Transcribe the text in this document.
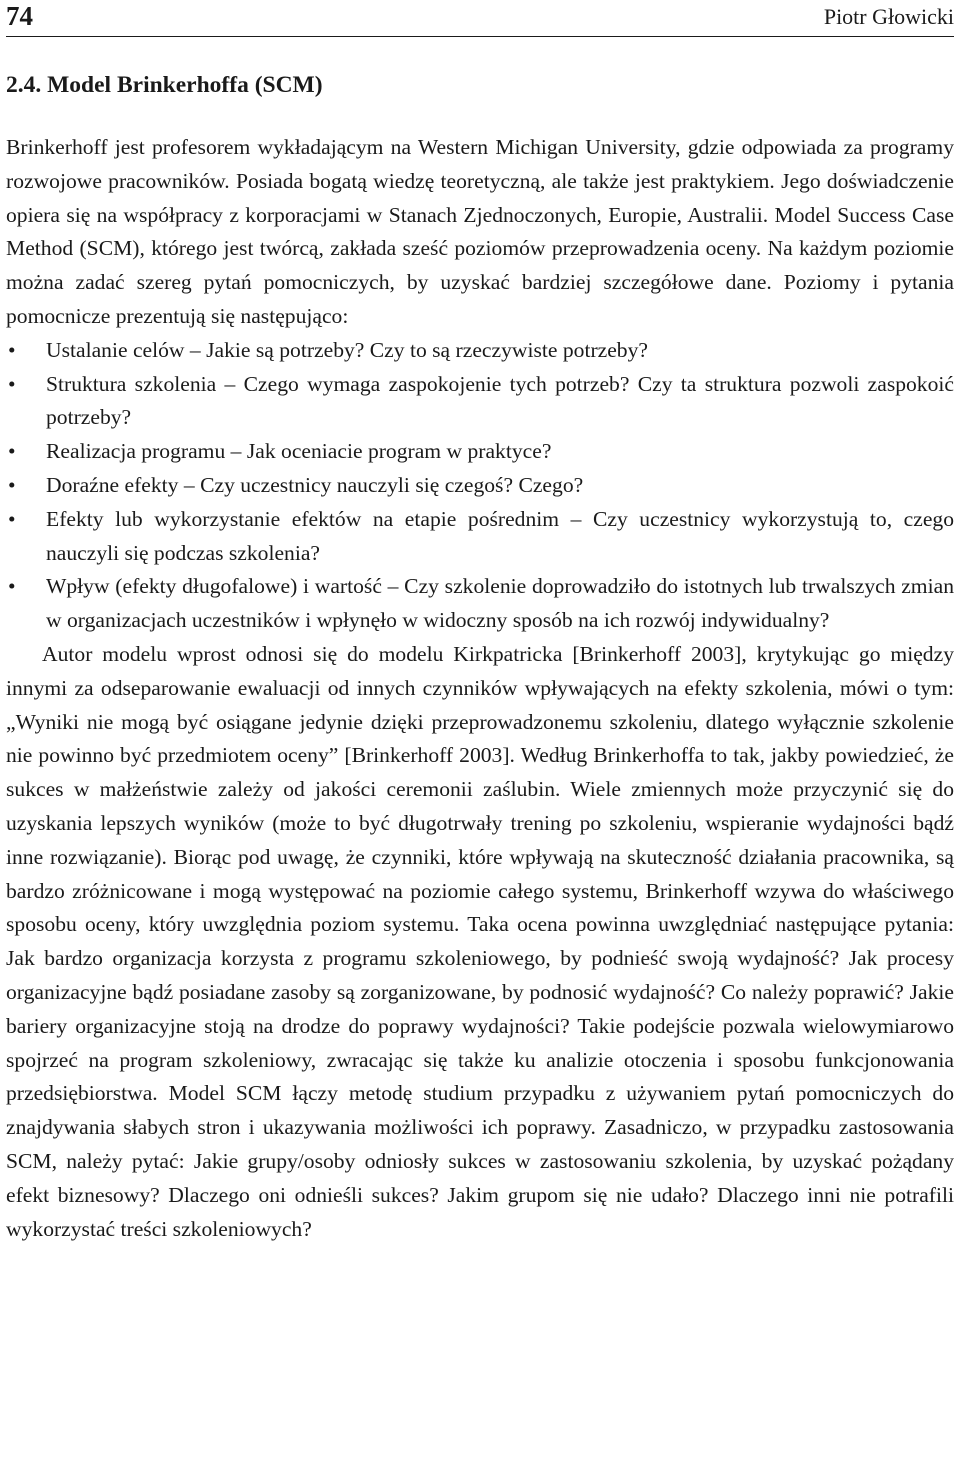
74	Piotr Głowicki
2.4. Model Brinkerhoffa (SCM)

Brinkerhoff jest profesorem wykładającym na Western Michigan University, gdzie odpowiada za programy rozwojowe pracowników. Posiada bogatą wiedzę teoretyczną, ale także jest praktykiem. Jego doświadczenie opiera się na współpracy z korporacjami w Stanach Zjednoczonych, Europie, Australii. Model Success Case Method (SCM), którego jest twórcą, zakłada sześć poziomów przeprowadzenia oceny. Na każdym poziomie można zadać szereg pytań pomocniczych, by uzyskać bardziej szczegółowe dane. Poziomy i pytania pomocnicze prezentują się następująco:

• Ustalanie celów – Jakie są potrzeby? Czy to są rzeczywiste potrzeby?
• Struktura szkolenia – Czego wymaga zaspokojenie tych potrzeb? Czy ta struktura pozwoli zaspokoić potrzeby?
• Realizacja programu – Jak oceniacie program w praktyce?
• Doraźne efekty – Czy uczestnicy nauczyli się czegoś? Czego?
• Efekty lub wykorzystanie efektów na etapie pośrednim – Czy uczestnicy wykorzystują to, czego nauczyli się podczas szkolenia?
• Wpływ (efekty długofalowe) i wartość – Czy szkolenie doprowadziło do istotnych lub trwalszych zmian w organizacjach uczestników i wpłynęło w widoczny sposób na ich rozwój indywidualny?

Autor modelu wprost odnosi się do modelu Kirkpatricka [Brinkerhoff 2003], krytykując go między innymi za odseparowanie ewaluacji od innych czynników wpływających na efekty szkolenia, mówi o tym: „Wyniki nie mogą być osiągane jedynie dzięki przeprowadzonemu szkoleniu, dlatego wyłącznie szkolenie nie powinno być przedmiotem oceny” [Brinkerhoff 2003]. Według Brinkerhoffa to tak, jakby powiedzieć, że sukces w małżeństwie zależy od jakości ceremonii zaślubin. Wiele zmiennych może przyczynić się do uzyskania lepszych wyników (może to być długotrwały trening po szkoleniu, wspieranie wydajności bądź inne rozwiązanie). Biorąc pod uwagę, że czynniki, które wpływają na skuteczność działania pracownika, są bardzo zróżnicowane i mogą występować na poziomie całego systemu, Brinkerhoff wzywa do właściwego sposobu oceny, który uwzględnia poziom systemu. Taka ocena powinna uwzględniać następujące pytania: Jak bardzo organizacja korzysta z programu szkoleniowego, by podnieść swoją wydajność? Jak procesy organizacyjne bądź posiadane zasoby są zorganizowane, by podnosić wydajność? Co należy poprawić? Jakie bariery organizacyjne stoją na drodze do poprawy wydajności? Takie podejście pozwala wielowymiarowo spojrzeć na program szkoleniowy, zwracając się także ku analizie otoczenia i sposobu funkcjonowania przedsiębiorstwa. Model SCM łączy metodę studium przypadku z używaniem pytań pomocniczych do znajdywania słabych stron i ukazywania możliwości ich poprawy. Zasadniczo, w przypadku zastosowania SCM, należy pytać: Jakie grupy/osoby odniosły sukces w zastosowaniu szkolenia, by uzyskać pożądany efekt biznesowy? Dlaczego oni odnieśli sukces? Jakim grupom się nie udało? Dlaczego inni nie potrafili wykorzystać treści szkoleniowych?
